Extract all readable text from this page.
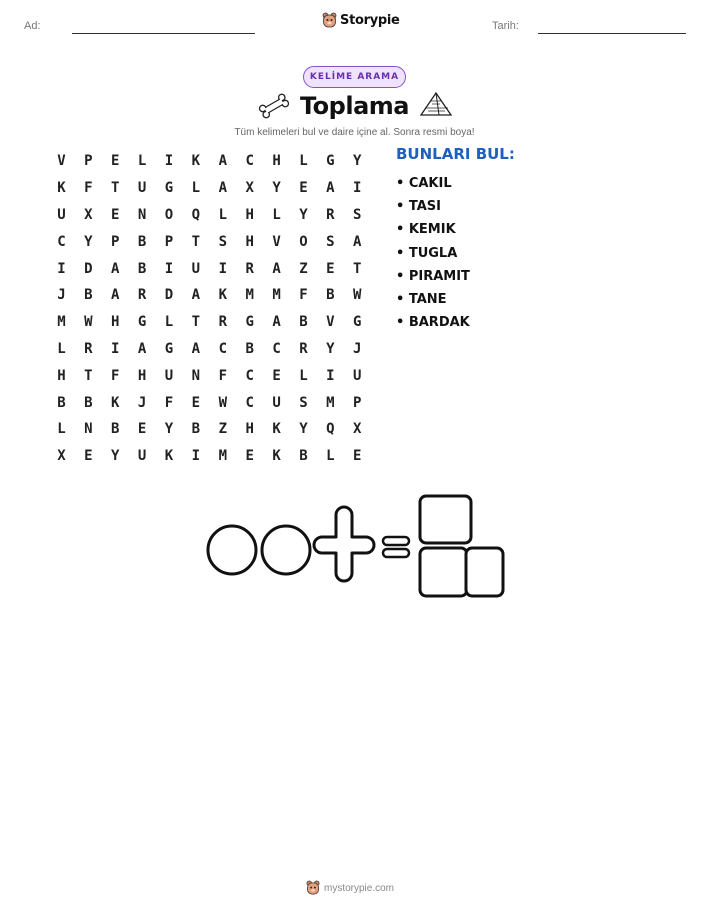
Ad:	Storypie	Tarih:
KELİME ARAMA
Toplama
Tüm kelimeleri bul ve daire içine al. Sonra resmi boya!
V	P	E	L	I	K	A	C	H	L	G	Y
K	F	T	U	G	L	A	X	Y	E	A	I
U	X	E	N	O	Q	L	H	L	Y	R	S
C	Y	P	B	P	T	S	H	V	O	S	A
I	D	A	B	I	U	I	R	A	Z	E	T
J	B	A	R	D	A	K	M	M	F	B	W
M	W	H	G	L	T	R	G	A	B	V	G
L	R	I	A	G	A	C	B	C	R	Y	J
H	T	F	H	U	N	F	C	E	L	I	U
B	B	K	J	F	E	W	C	U	S	M	P
L	N	B	E	Y	B	Z	H	K	Y	Q	X
X	E	Y	U	K	I	M	E	K	B	L	E
BUNLARI BUL:
• CAKIL
• TASI
• KEMIK
• TUGLA
• PIRAMIT
• TANE
• BARDAK
mystorypie.com
